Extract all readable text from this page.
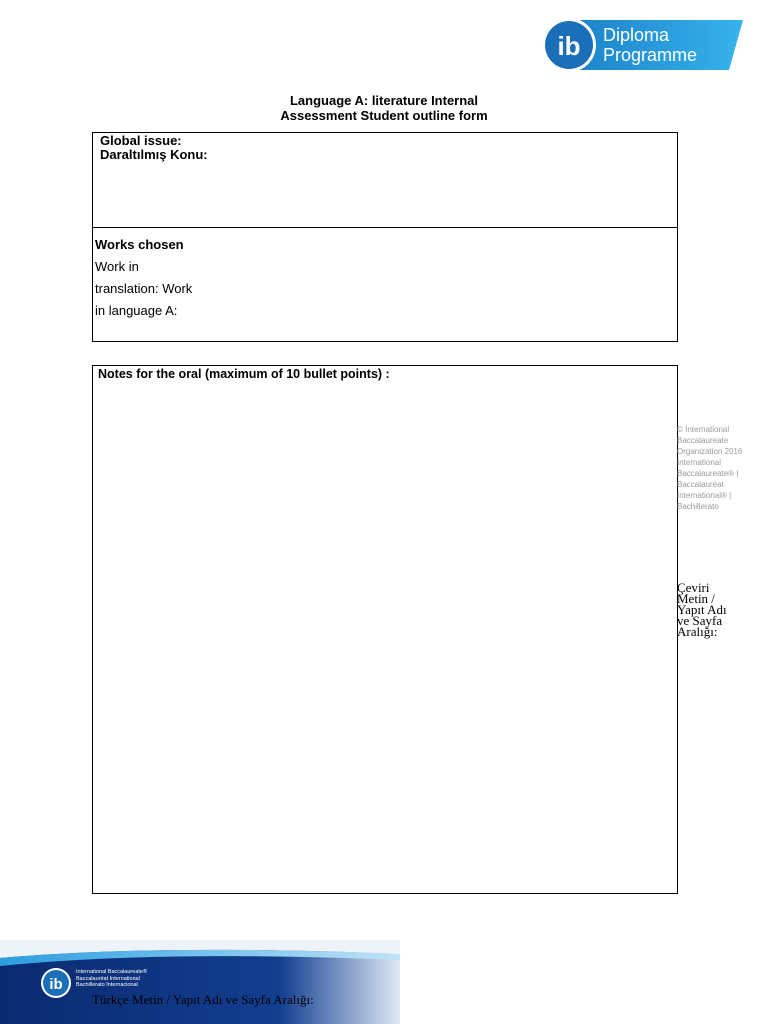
ib Diploma
Programme
Language A: literature Internal
Assessment Student outline form
Global issue:
Daraltılmış Konu:
Works chosen
Work in
translation: Work
in language A:
Notes for the oral (maximum of 10 bullet points) :
© International
Baccalaureate
Organization 2016
International
Baccalaureate® |
Baccalauréat
International® |
Bachillerato
Çeviri
Metin /
Yapıt Adı
ve Sayfa
Aralığı:
ib
International Baccalaureate®
Baccalauréat International
Bachillerato Internacional
Türkçe Metin / Yapıt Adı ve Sayfa Aralığı:
